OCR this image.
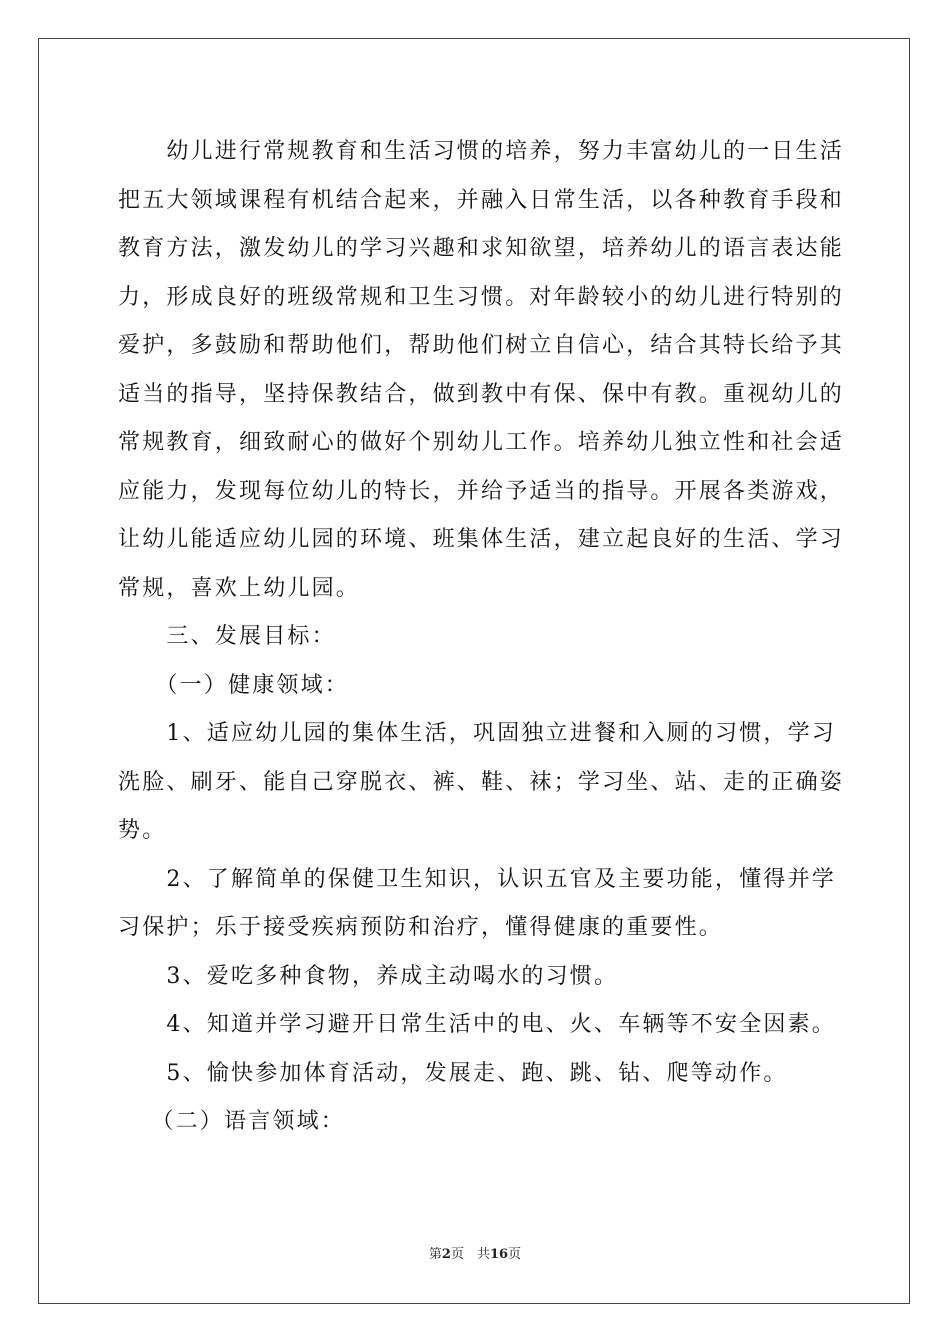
　　幼儿进行常规教育和生活习惯的培养，努力丰富幼儿的一日生活
把五大领域课程有机结合起来，并融入日常生活，以各种教育手段和
教育方法，激发幼儿的学习兴趣和求知欲望，培养幼儿的语言表达能
力，形成良好的班级常规和卫生习惯。对年龄较小的幼儿进行特别的
爱护，多鼓励和帮助他们，帮助他们树立自信心，结合其特长给予其
适当的指导，坚持保教结合，做到教中有保、保中有教。重视幼儿的
常规教育，细致耐心的做好个别幼儿工作。培养幼儿独立性和社会适
应能力，发现每位幼儿的特长，并给予适当的指导。开展各类游戏，
让幼儿能适应幼儿园的环境、班集体生活，建立起良好的生活、学习
常规，喜欢上幼儿园。
　　三、发展目标：
　　（一）健康领域：
　　1、适应幼儿园的集体生活，巩固独立进餐和入厕的习惯，学习
洗脸、刷牙、能自己穿脱衣、裤、鞋、袜；学习坐、站、走的正确姿
势。
　　2、了解简单的保健卫生知识，认识五官及主要功能，懂得并学
习保护；乐于接受疾病预防和治疗，懂得健康的重要性。
　　3、爱吃多种食物，养成主动喝水的习惯。
　　4、知道并学习避开日常生活中的电、火、车辆等不安全因素。
　　5、愉快参加体育活动，发展走、跑、跳、钻、爬等动作。
　 （二）语言领域：
第2页　共16页
